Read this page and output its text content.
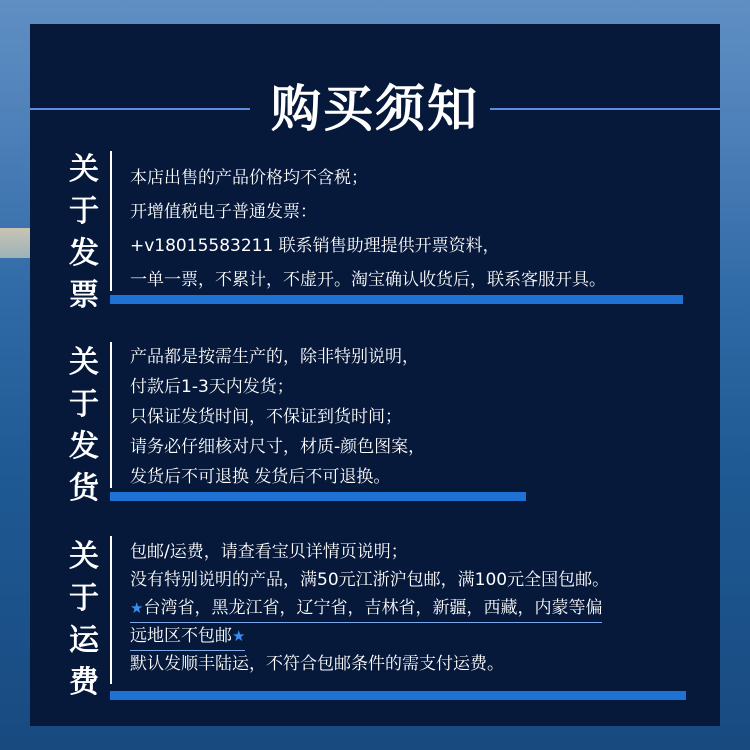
购买须知
关
于
发
票
本店出售的产品价格均不含税；
开增值税电子普通发票：
+v18015583211 联系销售助理提供开票资料，
一单一票，不累计，不虚开。淘宝确认收货后，联系客服开具。
关
于
发
货
产品都是按需生产的，除非特别说明，
付款后1-3天内发货；
只保证发货时间，不保证到货时间；
请务必仔细核对尺寸，材质-颜色图案，
发货后不可退换 发货后不可退换。
关
于
运
费
包邮/运费，请查看宝贝详情页说明；
没有特别说明的产品，满50元江浙沪包邮，满100元全国包邮。
★台湾省，黑龙江省，辽宁省，吉林省，新疆，西藏，内蒙等偏
远地区不包邮★
默认发顺丰陆运，不符合包邮条件的需支付运费。
